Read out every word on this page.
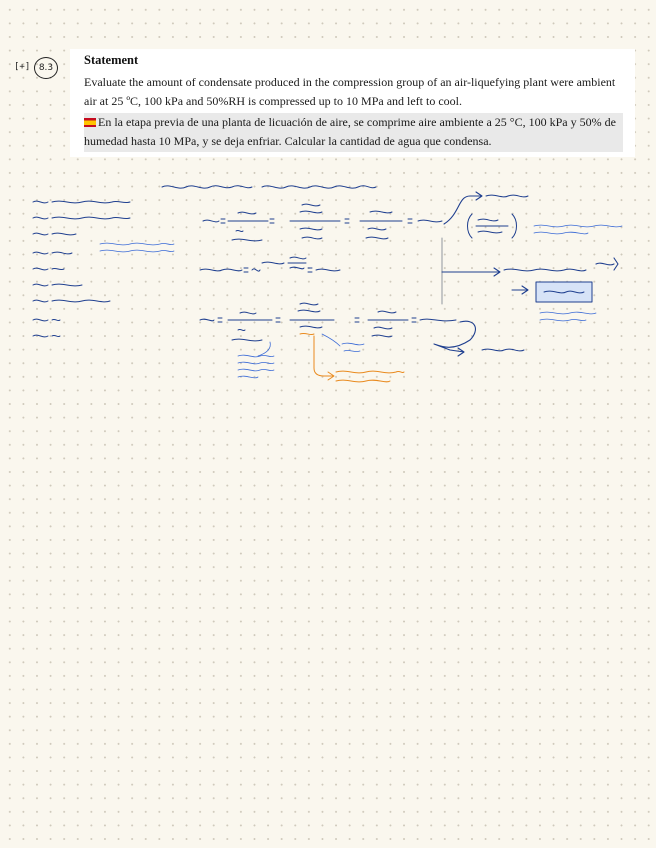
[+] 8.3
Statement

Evaluate the amount of condensate produced in the compression group of an air-liquefying plant were ambient air at 25 ºC, 100 kPa and 50%RH is compressed up to 10 MPa and left to cool.

En la etapa previa de una planta de licuación de aire, se comprime aire ambiente a 25 °C, 100 kPa y 50% de humedad hasta 10 MPa, y se deja enfriar. Calcular la cantidad de agua que condensa.
